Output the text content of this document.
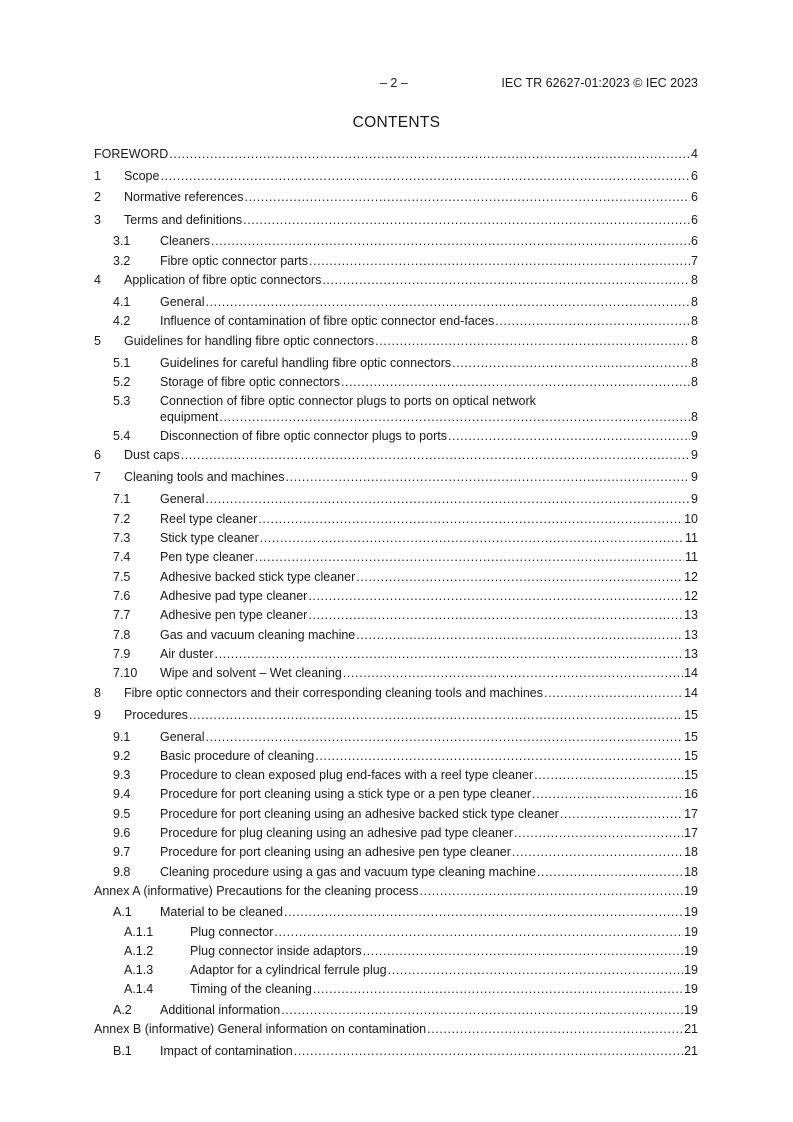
– 2 –	IEC TR 62627-01:2023 © IEC 2023
CONTENTS
FOREWORD .....	4
1 Scope .....	6
2 Normative references .....	6
3 Terms and definitions .....	6
3.1 Cleaners .....	6
3.2 Fibre optic connector parts .....	7
4 Application of fibre optic connectors .....	8
4.1 General .....	8
4.2 Influence of contamination of fibre optic connector end-faces .....	8
5 Guidelines for handling fibre optic connectors .....	8
5.1 Guidelines for careful handling fibre optic connectors .....	8
5.2 Storage of fibre optic connectors .....	8
5.3 Connection of fibre optic connector plugs to ports on optical network
equipment .....	8
5.4 Disconnection of fibre optic connector plugs to ports .....	9
6 Dust caps .....	9
7 Cleaning tools and machines .....	9
7.1 General .....	9
7.2 Reel type cleaner .....	10
7.3 Stick type cleaner .....	11
7.4 Pen type cleaner .....	11
7.5 Adhesive backed stick type cleaner .....	12
7.6 Adhesive pad type cleaner .....	12
7.7 Adhesive pen type cleaner .....	13
7.8 Gas and vacuum cleaning machine .....	13
7.9 Air duster .....	13
7.10 Wipe and solvent – Wet cleaning .....	14
8 Fibre optic connectors and their corresponding cleaning tools and machines .....	14
9 Procedures .....	15
9.1 General .....	15
9.2 Basic procedure of cleaning .....	15
9.3 Procedure to clean exposed plug end-faces with a reel type cleaner .....	15
9.4 Procedure for port cleaning using a stick type or a pen type cleaner .....	16
9.5 Procedure for port cleaning using an adhesive backed stick type cleaner .....	17
9.6 Procedure for plug cleaning using an adhesive pad type cleaner .....	17
9.7 Procedure for port cleaning using an adhesive pen type cleaner .....	18
9.8 Cleaning procedure using a gas and vacuum type cleaning machine .....	18
Annex A (informative) Precautions for the cleaning process .....	19
A.1 Material to be cleaned .....	19
A.1.1	Plug connector .....	19
A.1.2	Plug connector inside adaptors .....	19
A.1.3	Adaptor for a cylindrical ferrule plug .....	19
A.1.4	Timing of the cleaning .....	19
A.2 Additional information .....	19
Annex B (informative) General information on contamination .....	21
B.1 Impact of contamination .....	21
